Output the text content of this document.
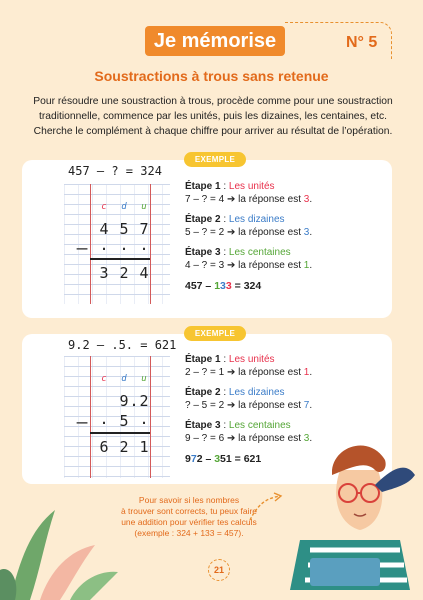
Je mémorise	N° 5
Soustractions à trous sans retenue
Pour résoudre une soustraction à trous, procède comme pour une soustraction
traditionnelle, commence par les unités, puis les dizaines, les centaines, etc.
Cherche le complément à chaque chiffre pour arriver au résultat de l’opération.
EXEMPLE
457 – ? = 324
c	d	u
4 5 7
– . . .
3 2 4
Étape 1 : Les unités
7 – ? = 4 ➔ la réponse est 3.
Étape 2 : Les dizaines
5 – ? = 2 ➔ la réponse est 3.
Étape 3 : Les centaines
4 – ? = 3 ➔ la réponse est 1.
457 – 133 = 324
EXEMPLE
9.2 – .5. = 621
c	d	u
9 . 2
– . 5 .
6 2 1
Étape 1 : Les unités
2 – ? = 1 ➔ la réponse est 1.
Étape 2 : Les dizaines
? – 5 = 2 ➔ la réponse est 7.
Étape 3 : Les centaines
9 – ? = 6 ➔ la réponse est 3.
972 – 351 = 621
Pour savoir si les nombres
à trouver sont corrects, tu peux faire
une addition pour vérifier tes calculs
(exemple : 324 + 133 = 457).
21
